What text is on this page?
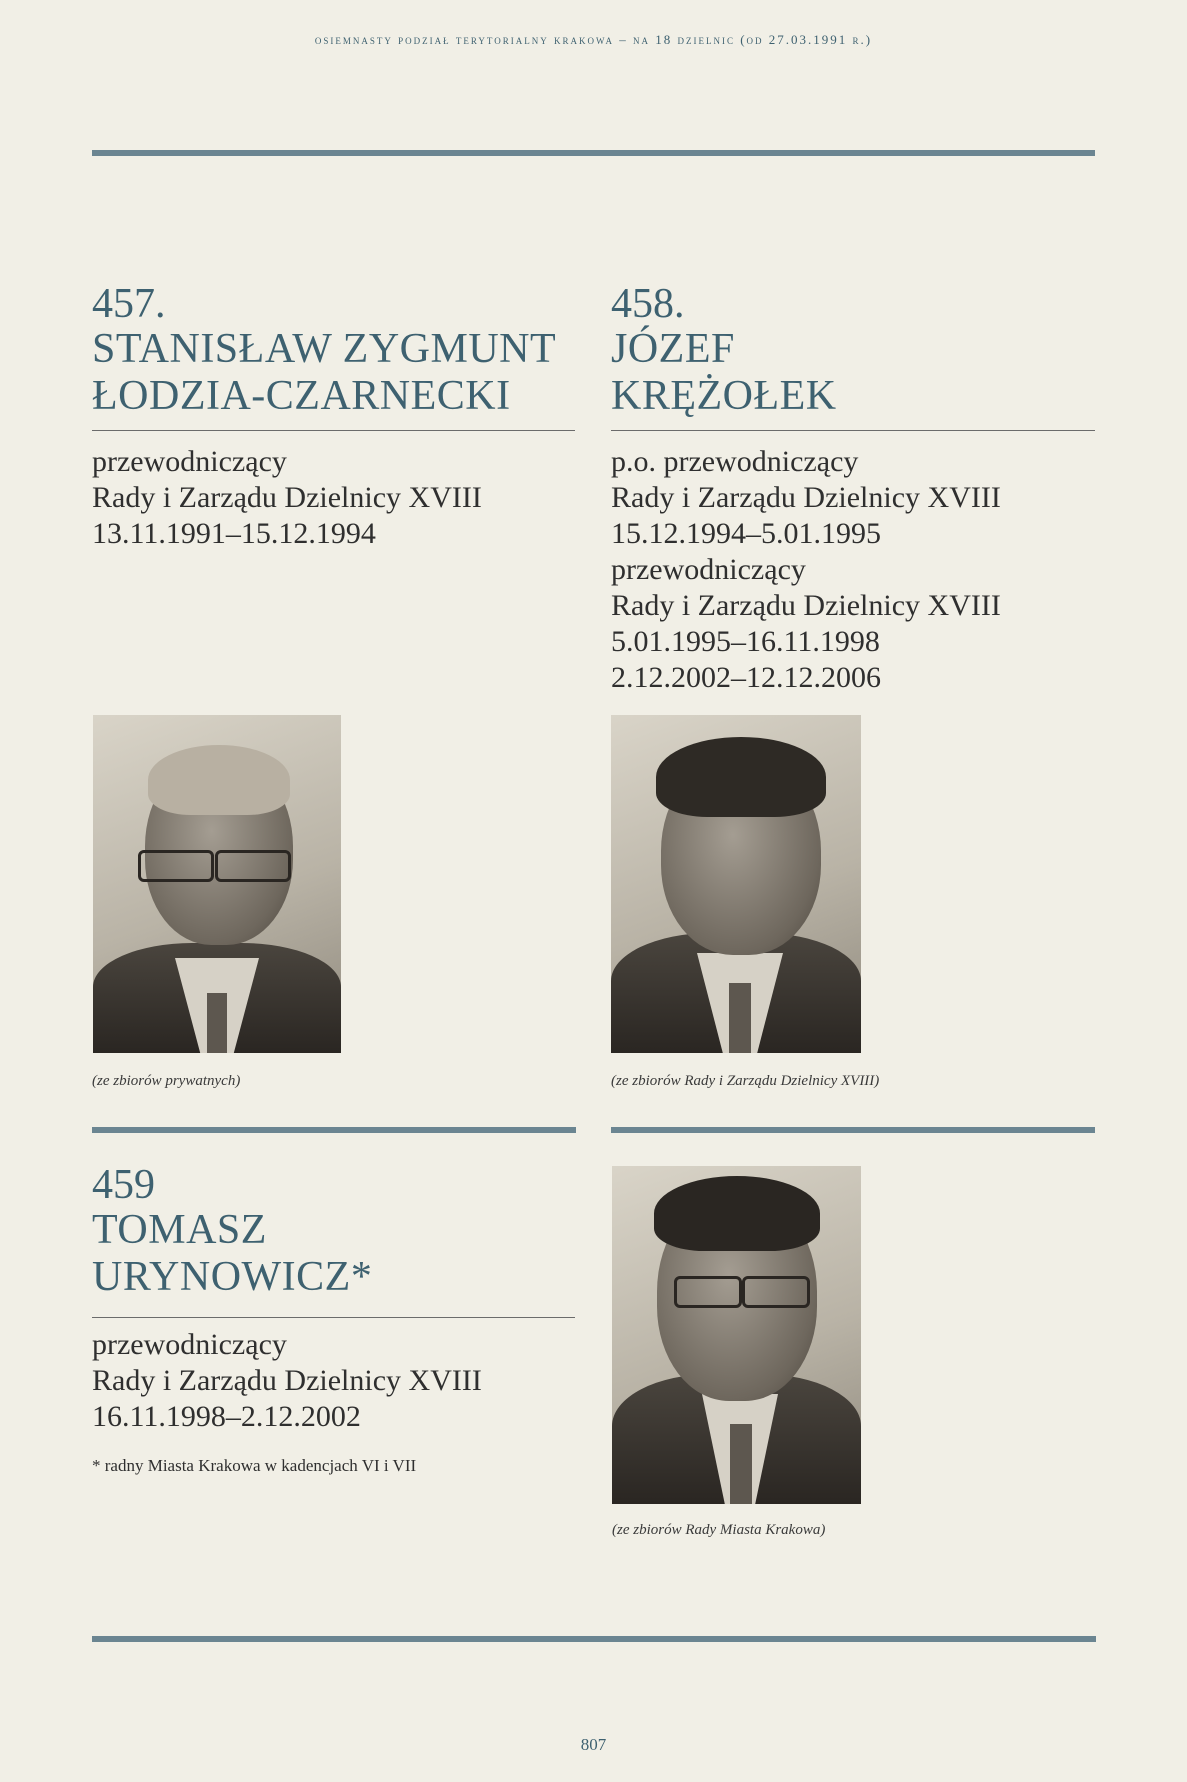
osiemnasty podział terytorialny krakowa – na 18 dzielnic (od 27.03.1991 r.)
457.
STANISŁAW ZYGMUNT
ŁODZIA-CZARNECKI
przewodniczący
Rady i Zarządu Dzielnicy XVIII
13.11.1991–15.12.1994
458.
JÓZEF
KRĘŻOŁEK
p.o. przewodniczący
Rady i Zarządu Dzielnicy XVIII
15.12.1994–5.01.1995
przewodniczący
Rady i Zarządu Dzielnicy XVIII
5.01.1995–16.11.1998
2.12.2002–12.12.2006
(ze zbiorów prywatnych)	(ze zbiorów Rady i Zarządu Dzielnicy XVIII)
459
TOMASZ
URYNOWICZ*
przewodniczący
Rady i Zarządu Dzielnicy XVIII
16.11.1998–2.12.2002
* radny Miasta Krakowa w kadencjach VI i VII
(ze zbiorów Rady Miasta Krakowa)
807
